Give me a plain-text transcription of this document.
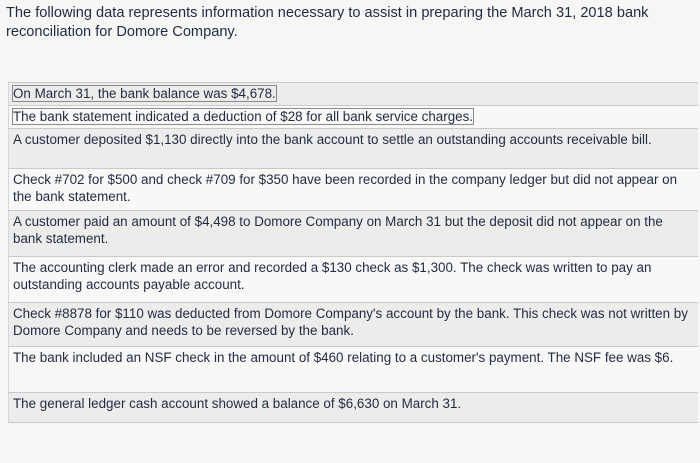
The following data represents information necessary to assist in preparing the March 31, 2018 bank reconciliation for Domore Company.
On March 31, the bank balance was $4,678.
The bank statement indicated a deduction of $28 for all bank service charges.
A customer deposited $1,130 directly into the bank account to settle an outstanding accounts receivable bill.
Check #702 for $500 and check #709 for $350 have been recorded in the company ledger but did not appear on the bank statement.
A customer paid an amount of $4,498 to Domore Company on March 31 but the deposit did not appear on the bank statement.
The accounting clerk made an error and recorded a $130 check as $1,300. The check was written to pay an outstanding accounts payable account.
Check #8878 for $110 was deducted from Domore Company's account by the bank. This check was not written by Domore Company and needs to be reversed by the bank.
The bank included an NSF check in the amount of $460 relating to a customer's payment. The NSF fee was $6.
The general ledger cash account showed a balance of $6,630 on March 31.
